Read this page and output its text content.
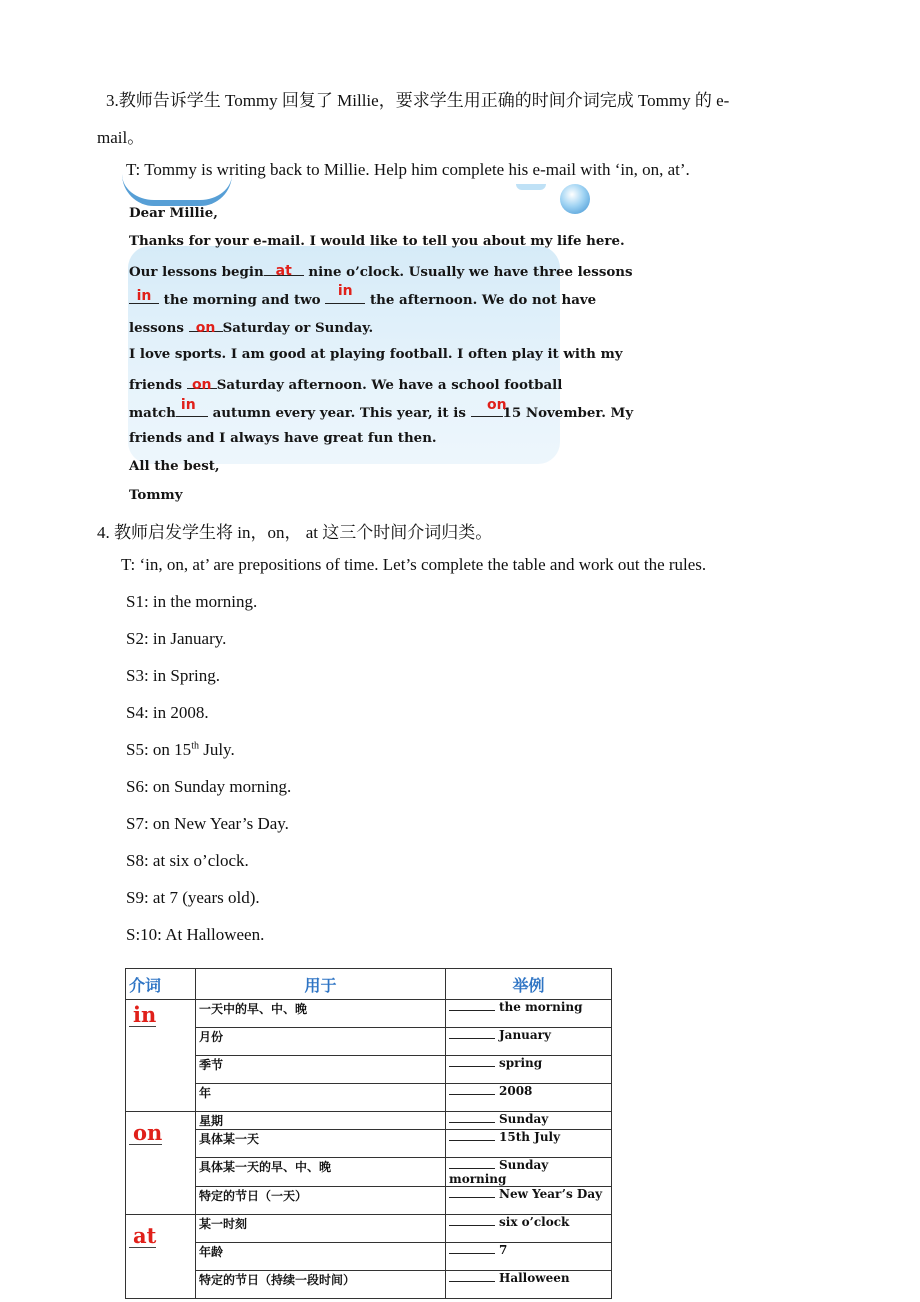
3.教师告诉学生 Tommy 回复了 Millie，要求学生用正确的时间介词完成 Tommy 的 e-
mail。
T: Tommy is writing back to Millie. Help him complete his e-mail with ‘in, on, at’.
Dear Millie,
Thanks for your e-mail. I would like to tell you about my life here.
Our lessons begin at	nine o’clock. Usually we have three lessons
in the morning and two
in
the afternoon. We do not have
lessons on Saturday or Sunday.
I love sports. I am good at playing football. I often play it with my
friends on Saturday afternoon. We have a school football
match in	autumn every year. This year, it is	on
15 November. My
friends and I always have great fun then.
All the best,
Tommy
4. 教师启发学生将 in，on， at 这三个时间介词归类。
T: ‘in, on, at’ are prepositions of time. Let’s complete the table and work out the rules.
S1: in the morning.
S2: in January.
S3: in Spring.
S4: in 2008.
S5: on 15th July.
S6: on Sunday morning.
S7: on New Year’s Day.
S8: at six o’clock.
S9: at 7 (years old).
S:10: At Halloween.
介词	用于	举例
in	一天中的早、中、晚	the morning
	月份	January
	季节	spring
	年	2008
on	星期	Sunday
	具体某一天	15th July
	具体某一天的早、中、晚	Sunday morning
	特定的节日（一天）	New Year’s Day
at	某一时刻	six o’clock
	年龄	7
	特定的节日（持续一段时间）	Halloween
